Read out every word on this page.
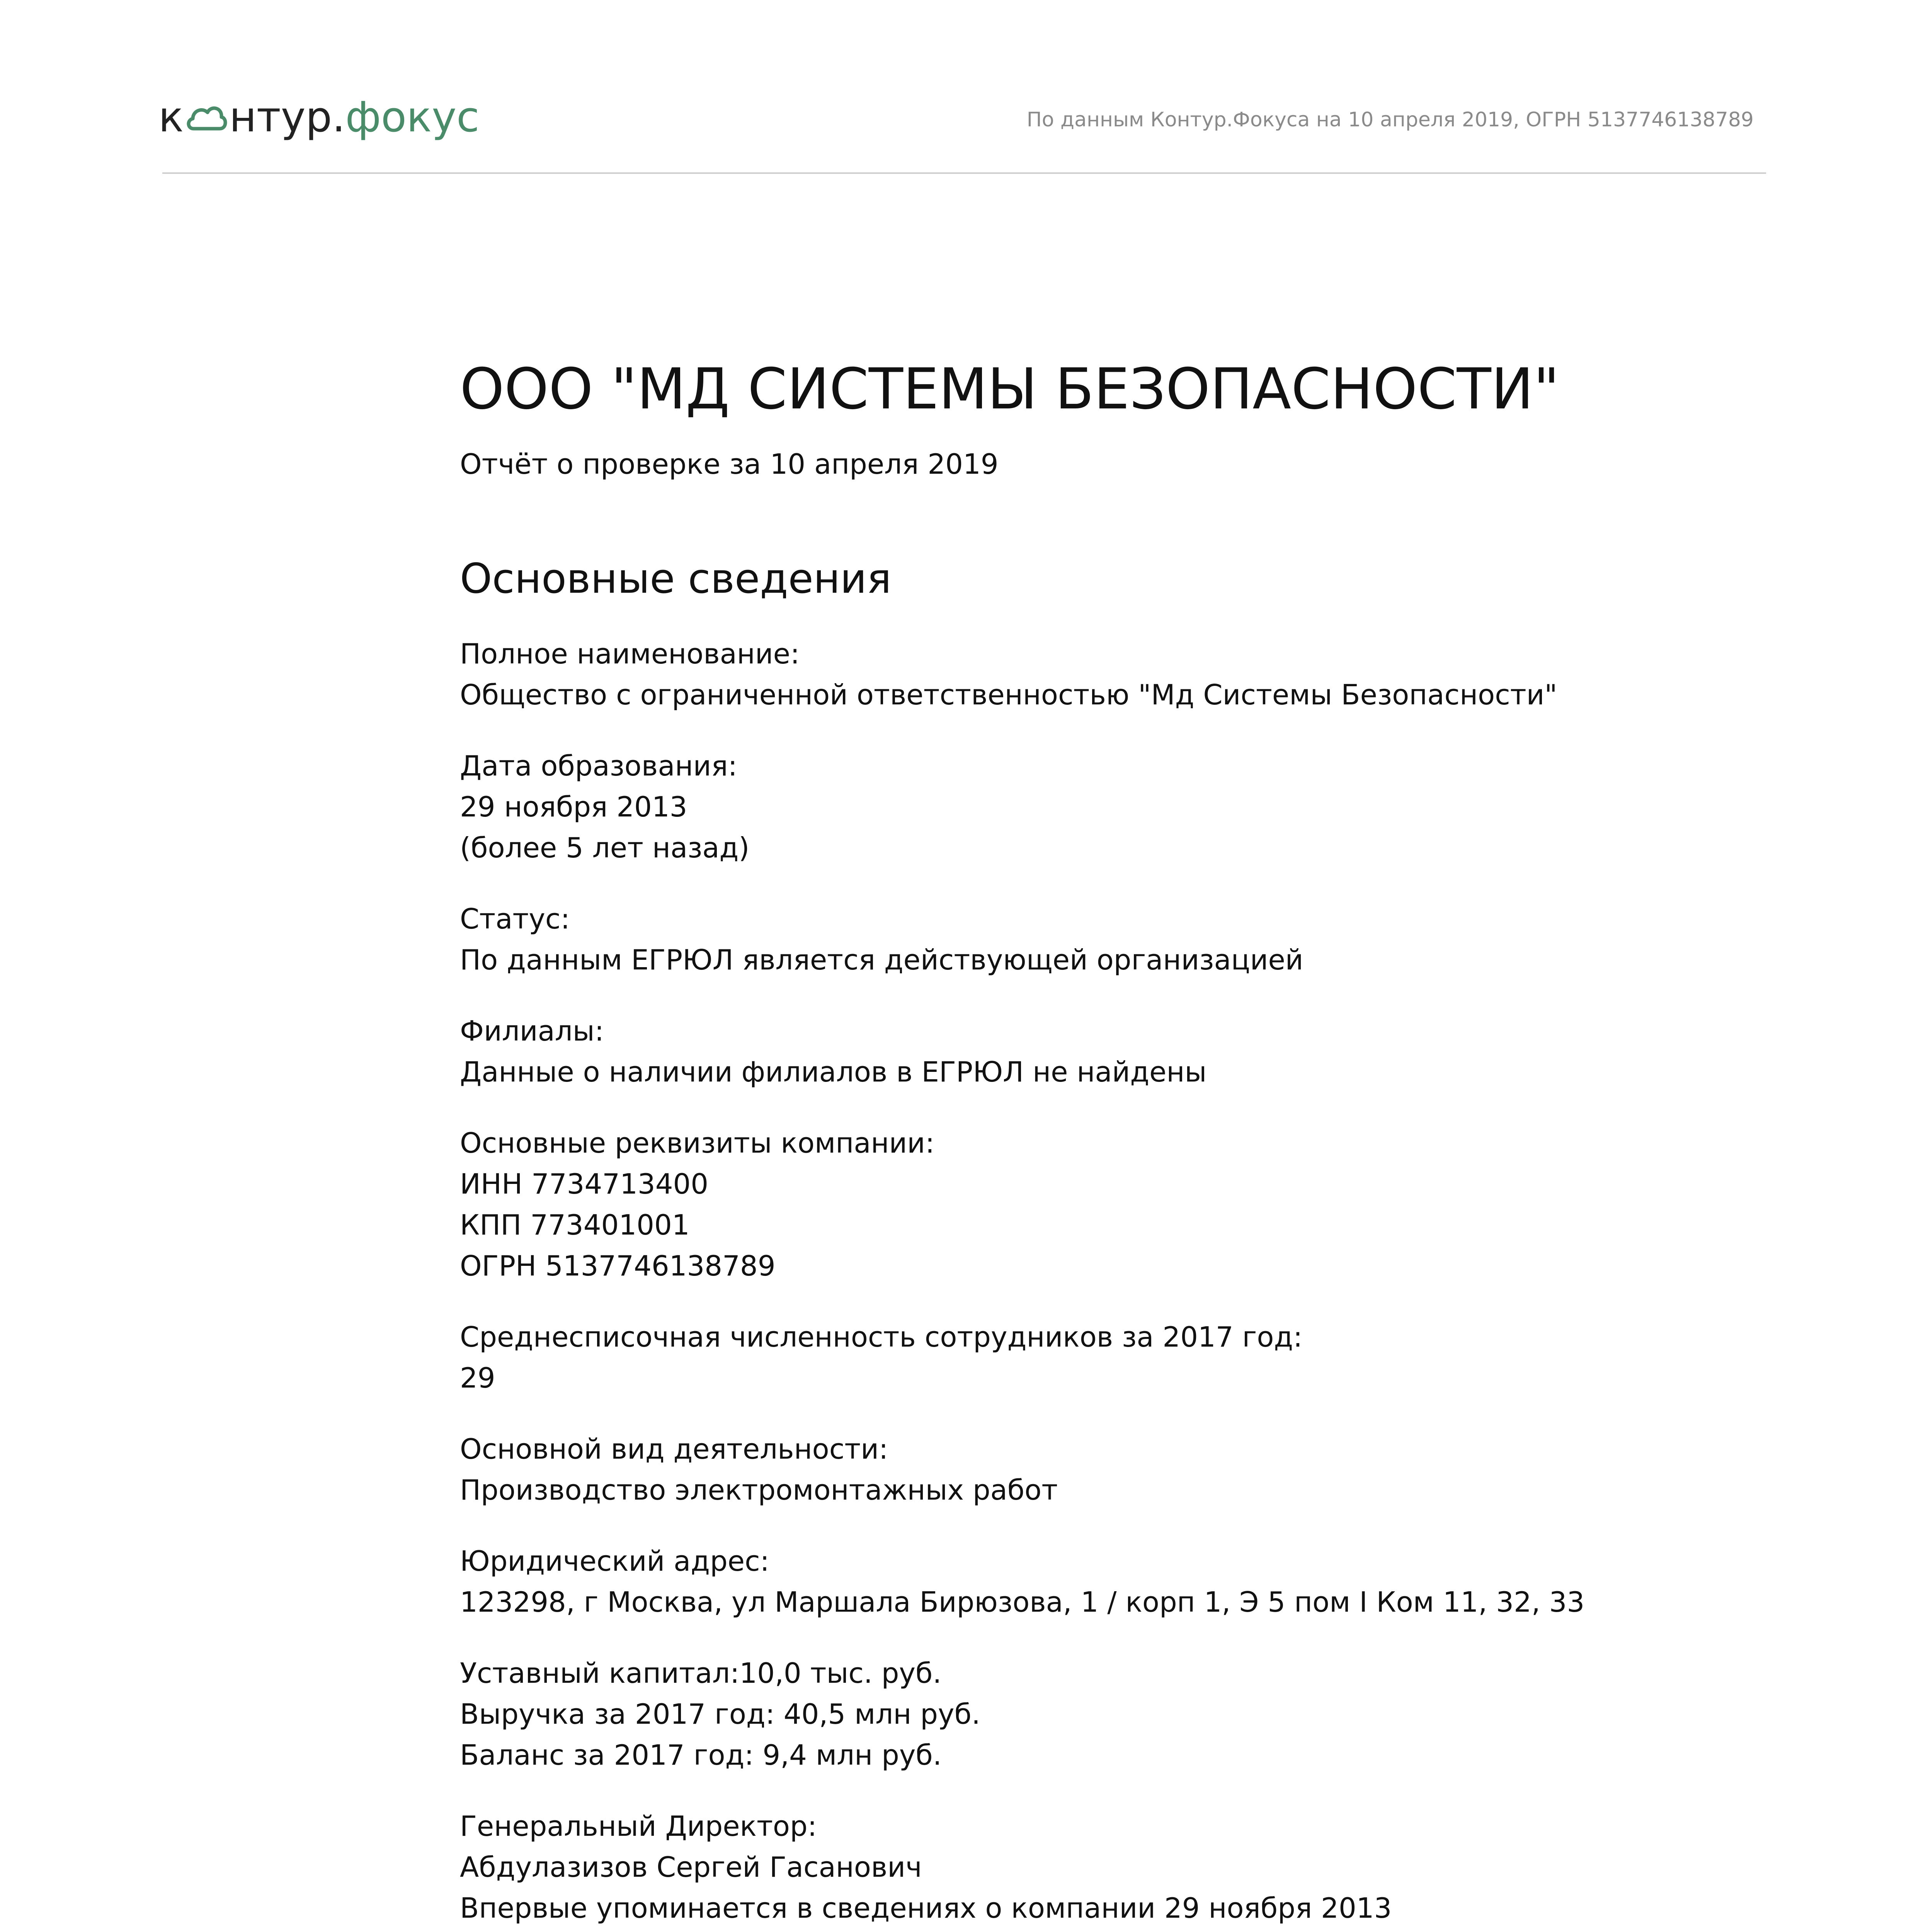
к нтур . фокус	По данным Контур.Фокуса на 10 апреля 2019, ОГРН 5137746138789
ООО "МД СИСТЕМЫ БЕЗОПАСНОСТИ"
Отчёт о проверке за 10 апреля 2019
Основные сведения
Полное наименование:
Общество с ограниченной ответственностью "Мд Системы Безопасности"
Дата образования:
29 ноября 2013
(более 5 лет назад)
Статус:
По данным ЕГРЮЛ является действующей организацией
Филиалы:
Данные о наличии филиалов в ЕГРЮЛ не найдены
Основные реквизиты компании:
ИНН 7734713400
КПП 773401001
ОГРН 5137746138789
Среднесписочная численность сотрудников за 2017 год:
29
Основной вид деятельности:
Производство электромонтажных работ
Юридический адрес:
123298, г Москва, ул Маршала Бирюзова, 1 / корп 1, Э 5 пом I Ком 11, 32, 33
Уставный капитал:10,0 тыс. руб.
Выручка за 2017 год: 40,5 млн руб.
Баланс за 2017 год: 9,4 млн руб.
Генеральный Директор:
Абдулазизов Сергей Гасанович
Впервые упоминается в сведениях о компании 29 ноября 2013
